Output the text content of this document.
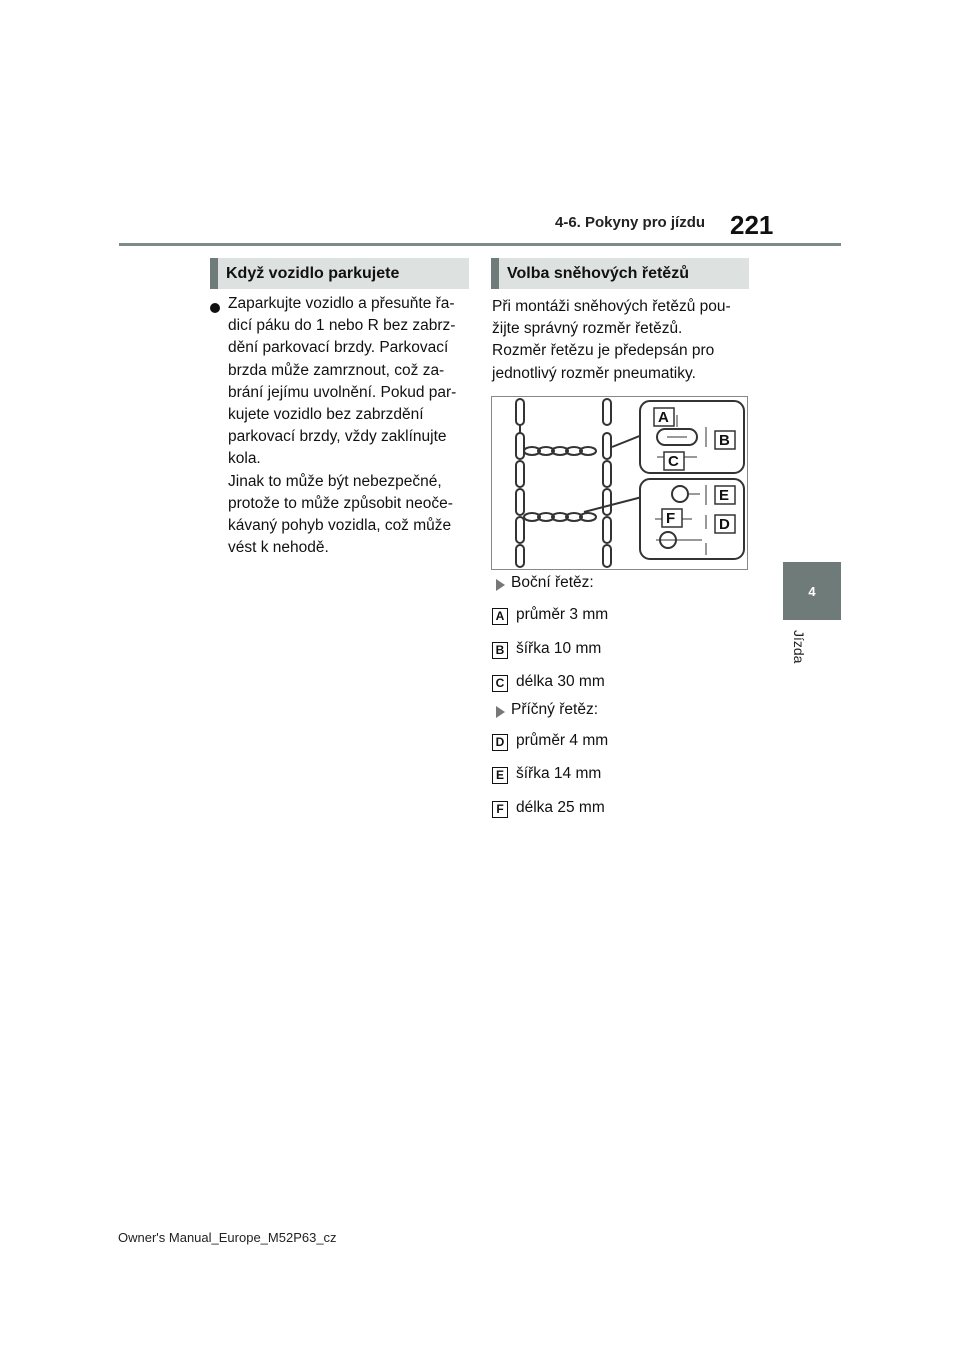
4-6. Pokyny pro jízdu 221
4
Jízda
Když vozidlo parkujete
Zaparkujte vozidlo a přesuňte řa-
dicí páku do 1 nebo R bez zabrz-
dění parkovací brzdy. Parkovací
brzda může zamrznout, což za-
brání jejímu uvolnění. Pokud par-
kujete vozidlo bez zabrzdění
parkovací brzdy, vždy zaklínujte
kola.
Jinak to může být nebezpečné,
protože to může způsobit neoče-
kávaný pohyb vozidla, což může
vést k nehodě.
Volba sněhových řetězů
Při montáži sněhových řetězů pou-
žijte správný rozměr řetězů.
Rozměr řetězu je předepsán pro
jednotlivý rozměr pneumatiky.
A
B
C
E
F	D
Boční řetěz:
A průměr 3 mm
B šířka 10 mm
C délka 30 mm
Příčný řetěz:
D průměr 4 mm
E šířka 14 mm
F délka 25 mm
Owner's Manual_Europe_M52P63_cz
